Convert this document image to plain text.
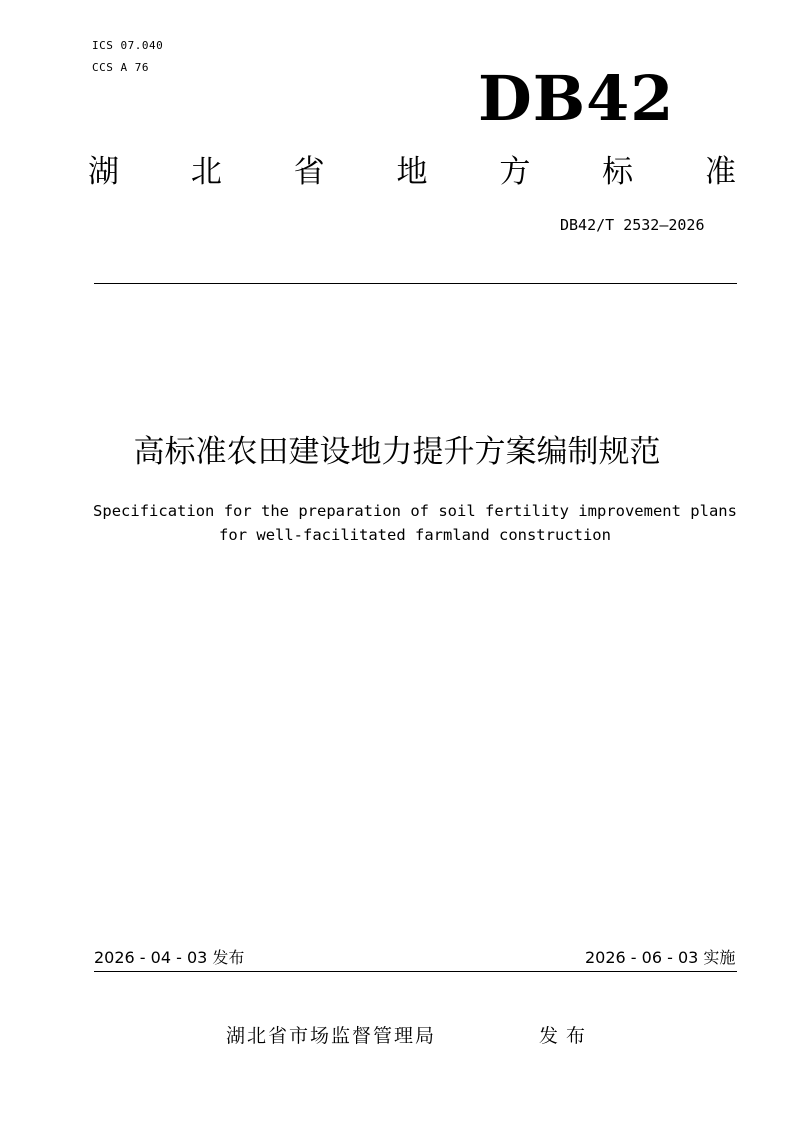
ICS 07.040
CCS A 76	DB42
湖 北 省 地 方 标 准
DB42/T 2532—2026
高标准农田建设地力提升方案编制规范
Specification for the preparation of soil fertility improvement plans
for well-facilitated farmland construction
2026 - 04 - 03 发布	2026 - 06 - 03 实施
湖北省市场监督管理局	发布
